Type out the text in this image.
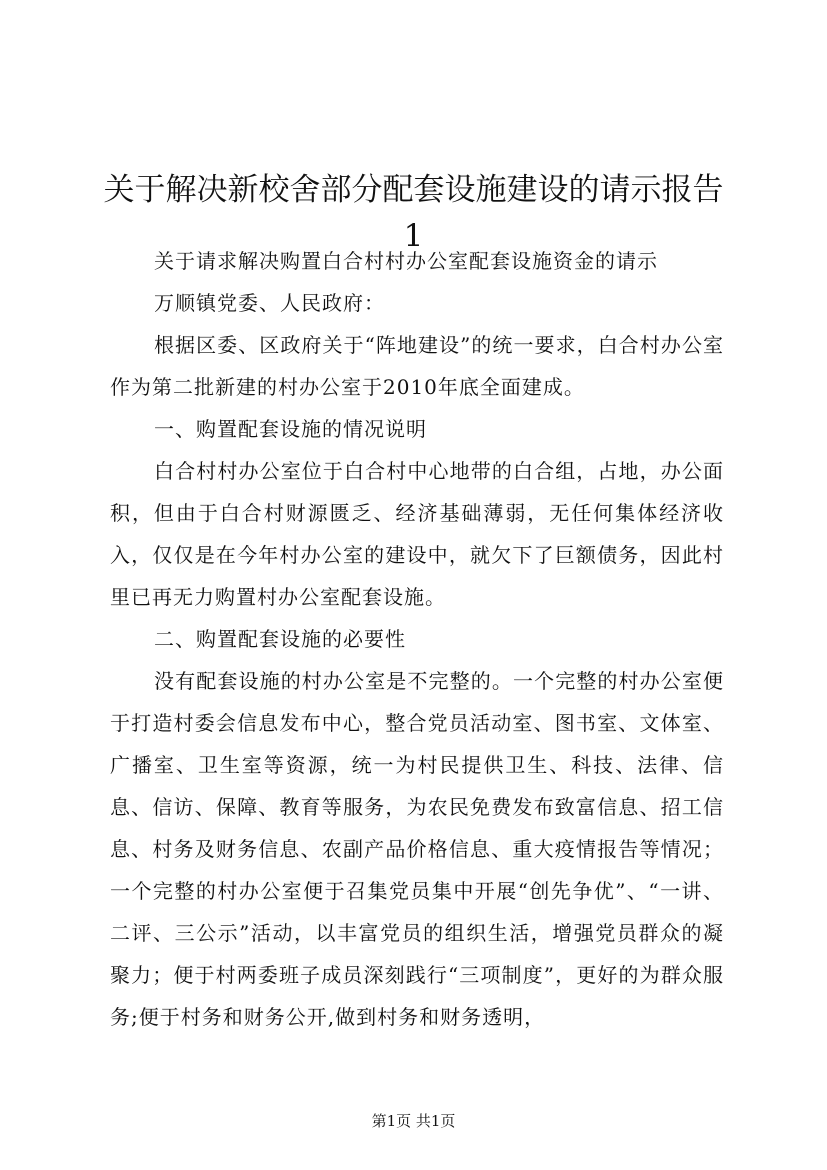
关于解决新校舍部分配套设施建设的请示报告1

关于请求解决购置白合村村办公室配套设施资金的请示

万顺镇党委、人民政府：

根据区委、区政府关于“阵地建设”的统一要求，白合村办公室作为第二批新建的村办公室于2010年底全面建成。

一、购置配套设施的情况说明

白合村村办公室位于白合村中心地带的白合组，占地，办公面积，但由于白合村财源匮乏、经济基础薄弱，无任何集体经济收入，仅仅是在今年村办公室的建设中，就欠下了巨额债务，因此村里已再无力购置村办公室配套设施。

二、购置配套设施的必要性

没有配套设施的村办公室是不完整的。一个完整的村办公室便于打造村委会信息发布中心，整合党员活动室、图书室、文体室、广播室、卫生室等资源，统一为村民提供卫生、科技、法律、信息、信访、保障、教育等服务，为农民免费发布致富信息、招工信息、村务及财务信息、农副产品价格信息、重大疫情报告等情况；一个完整的村办公室便于召集党员集中开展“创先争优”、“一讲、二评、三公示”活动，以丰富党员的组织生活，增强党员群众的凝聚力；便于村两委班子成员深刻践行“三项制度”，更好的为群众服务;便于村务和财务公开,做到村务和财务透明，

第1页 共1页
